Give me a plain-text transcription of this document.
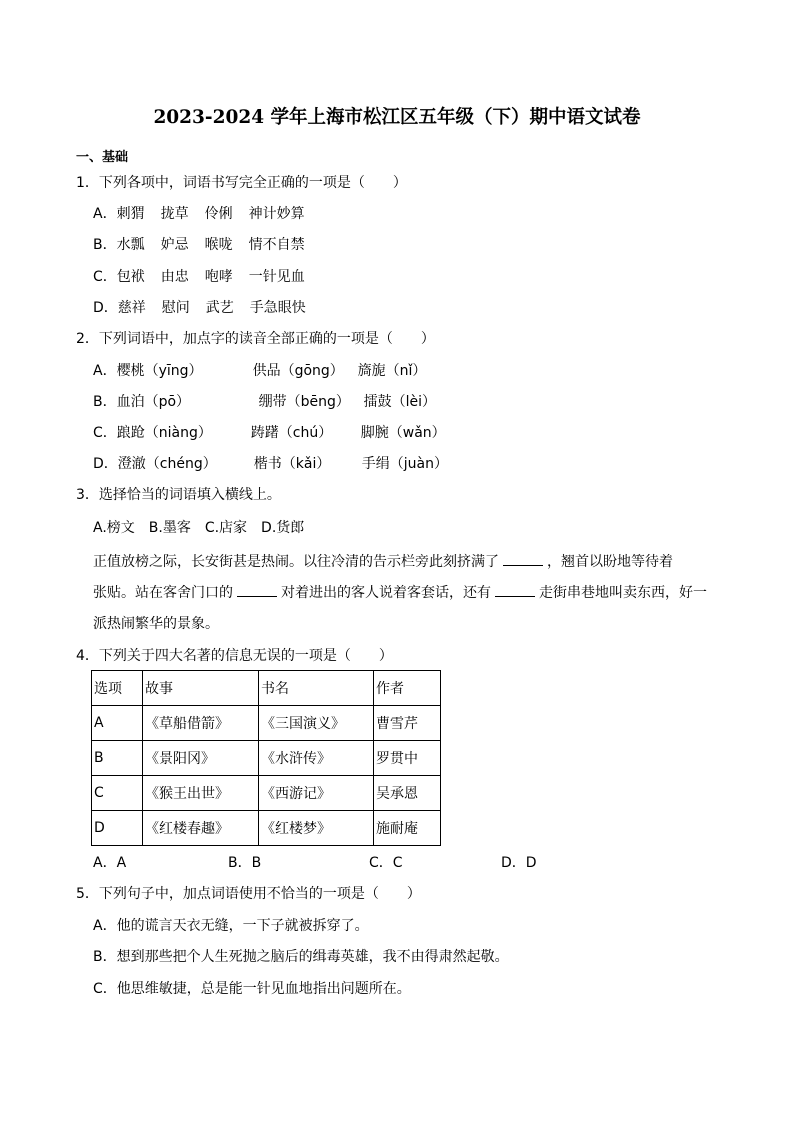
2023-2024 学年上海市松江区五年级（下）期中语文试卷
一、基础
1．下列各项中，词语书写完全正确的一项是（　　）
A．刺猬 拢草 伶俐 神计妙算
B．水瓢 妒忌 喉咙 情不自禁
C．包袱 由忠 咆哮 一针见血
D．慈祥 慰问 武艺 手急眼快
2．下列词语中，加点字的读音全部正确的一项是（　　）
A．樱桃（yīng）	供品（gōng） 旖旎（nǐ）
B．血泊（pō）	绷带（bēng） 擂鼓（lèi）
C．踉跄（niàng）	踌躇（chú） 脚腕（wǎn）
D．澄澈（chéng）	楷书（kǎi） 手绢（juàn）
3．选择恰当的词语填入横线上。
A.榜文　B.墨客　C.店家　D.货郎
正值放榜之际，长安街甚是热闹。以往冷清的告示栏旁此刻挤满了	，翘首以盼地等待着
张贴。站在客舍门口的	对着进出的客人说着客套话，还有	走街串巷地叫卖东西，好一
派热闹繁华的景象。
4．下列关于四大名著的信息无误的一项是（　　）
选项	故事	书名	作者
A	《草船借箭》	《三国演义》	曹雪芹
B	《景阳冈》	《水浒传》	罗贯中
C	《猴王出世》	《西游记》	吴承恩
D	《红楼春趣》	《红楼梦》	施耐庵
A．A	B．B	C．C	D．D
5．下列句子中，加点词语使用不恰当的一项是（　　）
A．他的谎言天衣无缝，一下子就被拆穿了。
B．想到那些把个人生死抛之脑后的缉毒英雄，我不由得肃然起敬。
C．他思维敏捷，总是能一针见血地指出问题所在。
